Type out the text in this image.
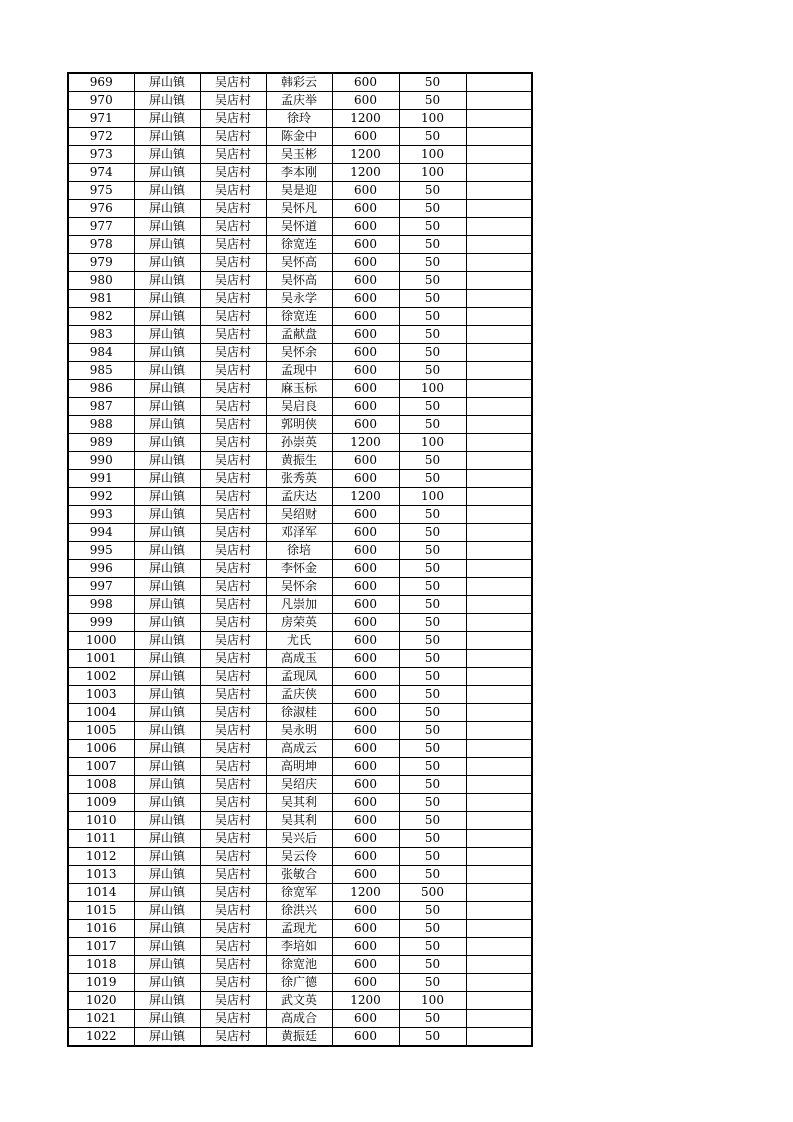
969	屏山镇	吴店村	韩彩云	600	50	
970	屏山镇	吴店村	孟庆举	600	50	
971	屏山镇	吴店村	徐玲	1200	100	
972	屏山镇	吴店村	陈金中	600	50	
973	屏山镇	吴店村	吴玉彬	1200	100	
974	屏山镇	吴店村	李本刚	1200	100	
975	屏山镇	吴店村	吴是迎	600	50	
976	屏山镇	吴店村	吴怀凡	600	50	
977	屏山镇	吴店村	吴怀道	600	50	
978	屏山镇	吴店村	徐宽连	600	50	
979	屏山镇	吴店村	吴怀高	600	50	
980	屏山镇	吴店村	吴怀高	600	50	
981	屏山镇	吴店村	吴永学	600	50	
982	屏山镇	吴店村	徐宽连	600	50	
983	屏山镇	吴店村	孟献盘	600	50	
984	屏山镇	吴店村	吴怀余	600	50	
985	屏山镇	吴店村	孟现中	600	50	
986	屏山镇	吴店村	麻玉标	600	100	
987	屏山镇	吴店村	吴启良	600	50	
988	屏山镇	吴店村	郭明侠	600	50	
989	屏山镇	吴店村	孙崇英	1200	100	
990	屏山镇	吴店村	黄振生	600	50	
991	屏山镇	吴店村	张秀英	600	50	
992	屏山镇	吴店村	孟庆达	1200	100	
993	屏山镇	吴店村	吴绍财	600	50	
994	屏山镇	吴店村	邓泽军	600	50	
995	屏山镇	吴店村	徐培	600	50	
996	屏山镇	吴店村	李怀金	600	50	
997	屏山镇	吴店村	吴怀余	600	50	
998	屏山镇	吴店村	凡崇加	600	50	
999	屏山镇	吴店村	房荣英	600	50	
1000	屏山镇	吴店村	尤氏	600	50	
1001	屏山镇	吴店村	高成玉	600	50	
1002	屏山镇	吴店村	孟现凤	600	50	
1003	屏山镇	吴店村	孟庆侠	600	50	
1004	屏山镇	吴店村	徐淑桂	600	50	
1005	屏山镇	吴店村	吴永明	600	50	
1006	屏山镇	吴店村	高成云	600	50	
1007	屏山镇	吴店村	高明坤	600	50	
1008	屏山镇	吴店村	吴绍庆	600	50	
1009	屏山镇	吴店村	吴其利	600	50	
1010	屏山镇	吴店村	吴其利	600	50	
1011	屏山镇	吴店村	吴兴后	600	50	
1012	屏山镇	吴店村	吴云伶	600	50	
1013	屏山镇	吴店村	张敏合	600	50	
1014	屏山镇	吴店村	徐宽军	1200	500	
1015	屏山镇	吴店村	徐洪兴	600	50	
1016	屏山镇	吴店村	孟现尤	600	50	
1017	屏山镇	吴店村	李培如	600	50	
1018	屏山镇	吴店村	徐宽池	600	50	
1019	屏山镇	吴店村	徐广德	600	50	
1020	屏山镇	吴店村	武文英	1200	100	
1021	屏山镇	吴店村	高成合	600	50	
1022	屏山镇	吴店村	黄振廷	600	50	
